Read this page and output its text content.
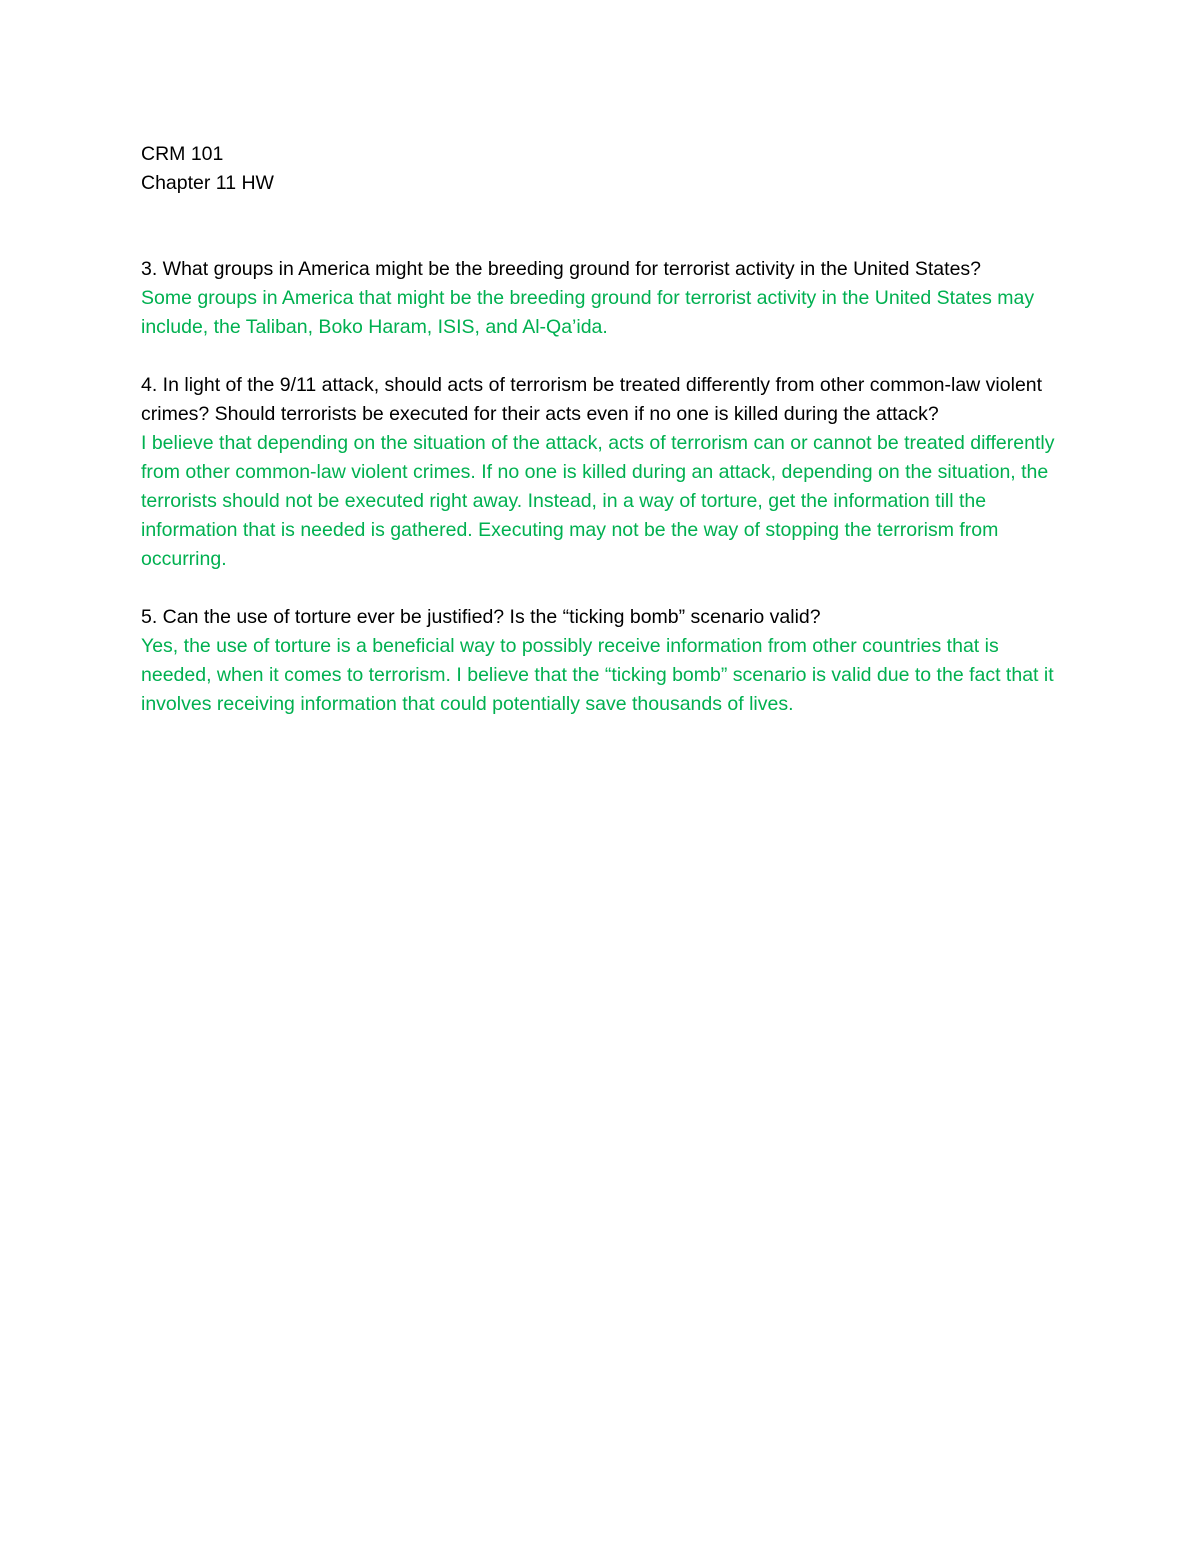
CRM 101
Chapter 11 HW

3. What groups in America might be the breeding ground for terrorist activity in the United States?

Some groups in America that might be the breeding ground for terrorist activity in the United States may include, the Taliban, Boko Haram, ISIS, and Al-Qa’ida.

4. In light of the 9/11 attack, should acts of terrorism be treated differently from other common-law violent crimes? Should terrorists be executed for their acts even if no one is killed during the attack?

I believe that depending on the situation of the attack, acts of terrorism can or cannot be treated differently from other common-law violent crimes. If no one is killed during an attack, depending on the situation, the terrorists should not be executed right away. Instead, in a way of torture, get the information till the information that is needed is gathered. Executing may not be the way of stopping the terrorism from occurring.

5. Can the use of torture ever be justified? Is the “ticking bomb” scenario valid?

Yes, the use of torture is a beneficial way to possibly receive information from other countries that is needed, when it comes to terrorism. I believe that the “ticking bomb” scenario is valid due to the fact that it involves receiving information that could potentially save thousands of lives.
